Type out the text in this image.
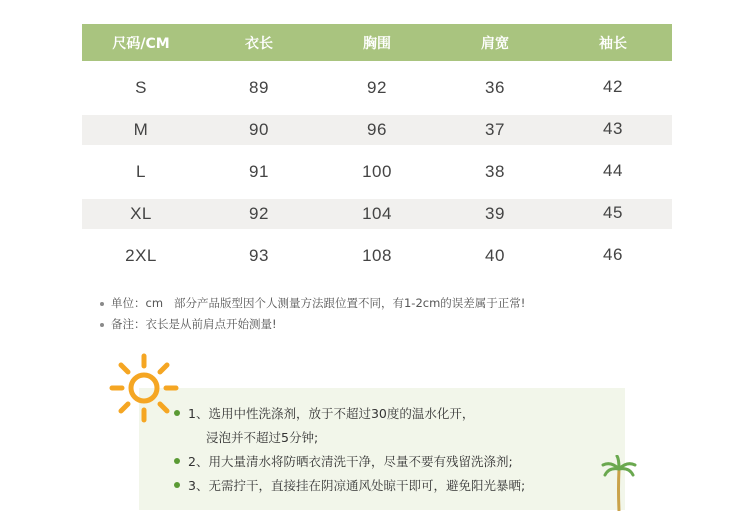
尺码/CM	衣长	胸围	肩宽	袖长
S	89	92	36	42
M	90	96	37	43
L	91	100	38	44
XL	92	104	39	45
2XL	93	108	40	46
单位：cm   部分产品版型因个人测量方法跟位置不同，有1-2cm的误差属于正常!
备注：衣长是从前肩点开始测量!
1、选用中性洗涤剂，放于不超过30度的温水化开，
浸泡并不超过5分钟;
2、用大量清水将防晒衣清洗干净，尽量不要有残留洗涤剂;
3、无需拧干，直接挂在阴凉通风处晾干即可，避免阳光暴晒;
